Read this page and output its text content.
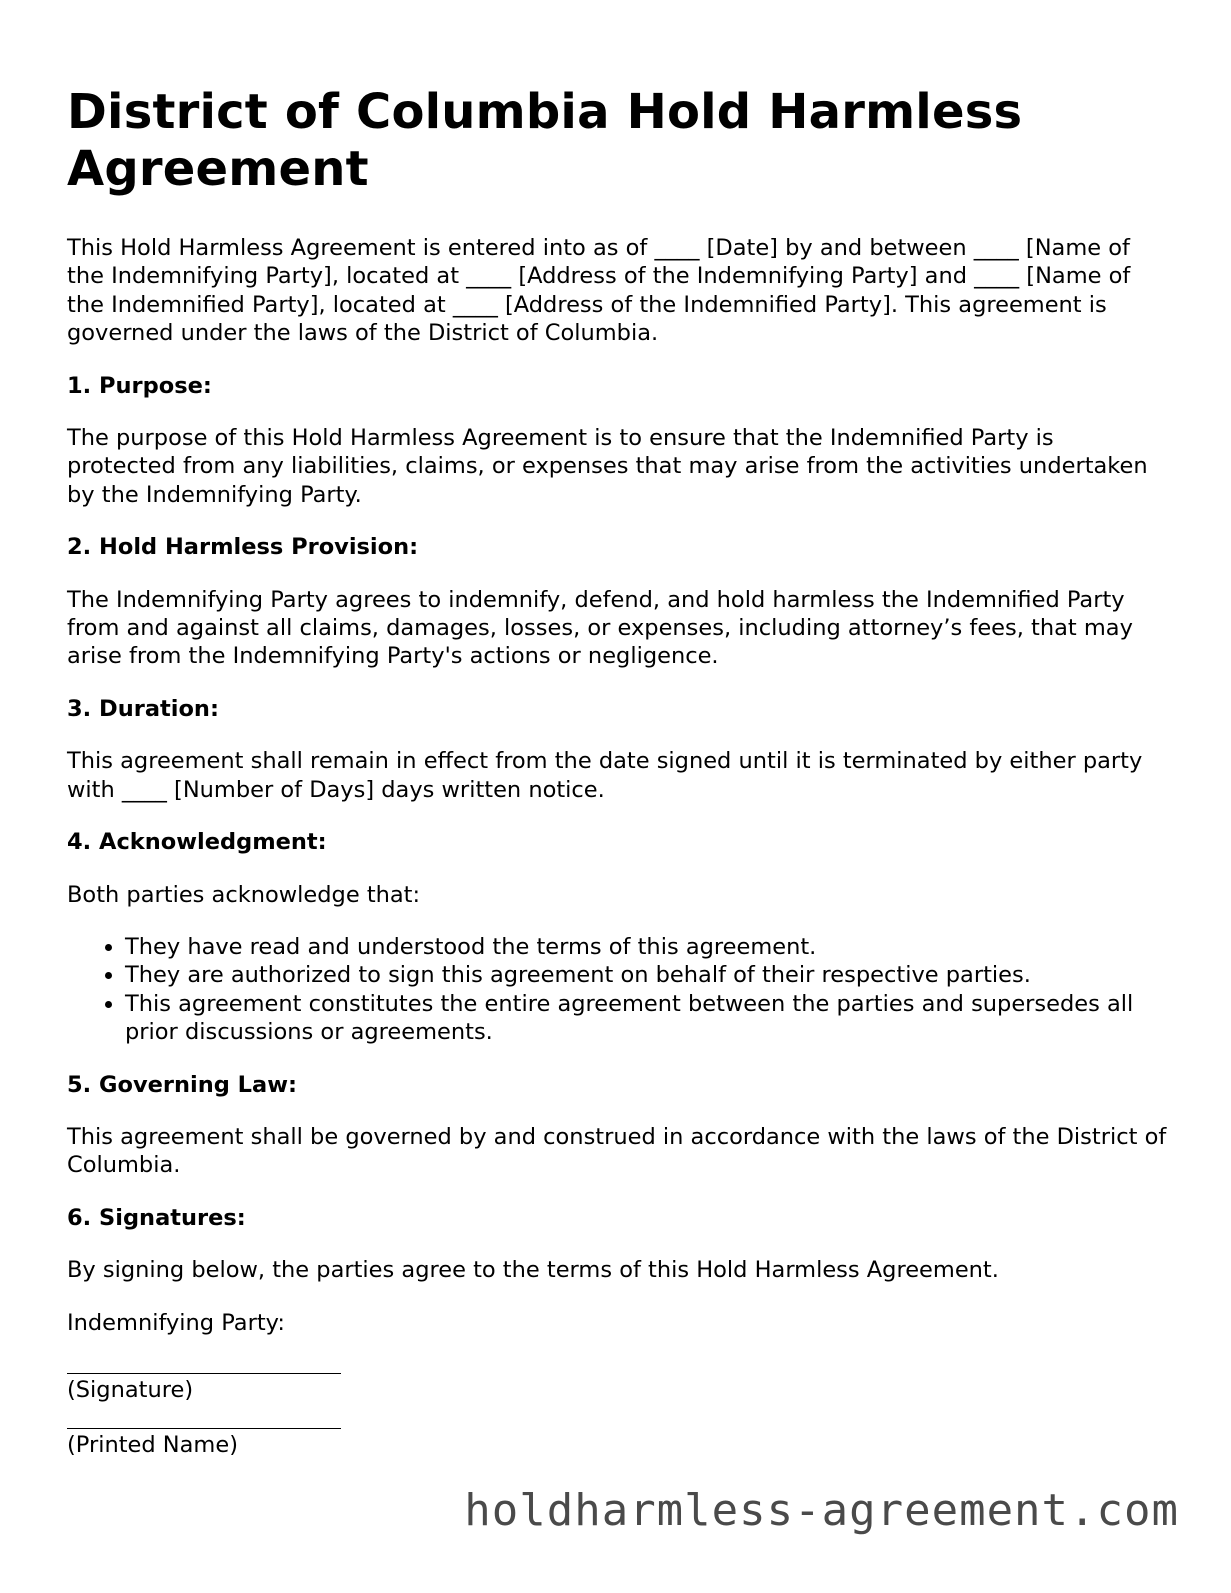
District of Columbia Hold Harmless Agreement

This Hold Harmless Agreement is entered into as of ____ [Date] by and between ____ [Name of the Indemnifying Party], located at ____ [Address of the Indemnifying Party] and ____ [Name of the Indemnified Party], located at ____ [Address of the Indemnified Party]. This agreement is governed under the laws of the District of Columbia.

1. Purpose:

The purpose of this Hold Harmless Agreement is to ensure that the Indemnified Party is protected from any liabilities, claims, or expenses that may arise from the activities undertaken by the Indemnifying Party.

2. Hold Harmless Provision:

The Indemnifying Party agrees to indemnify, defend, and hold harmless the Indemnified Party from and against all claims, damages, losses, or expenses, including attorney’s fees, that may arise from the Indemnifying Party's actions or negligence.

3. Duration:

This agreement shall remain in effect from the date signed until it is terminated by either party with ____ [Number of Days] days written notice.

4. Acknowledgment:

Both parties acknowledge that:

• They have read and understood the terms of this agreement.
• They are authorized to sign this agreement on behalf of their respective parties.
• This agreement constitutes the entire agreement between the parties and supersedes all prior discussions or agreements.
5. Governing Law:

This agreement shall be governed by and construed in accordance with the laws of the District of Columbia.

6. Signatures:

By signing below, the parties agree to the terms of this Hold Harmless Agreement.

Indemnifying Party:

(Signature)
(Printed Name)
holdharmless-agreement.com
